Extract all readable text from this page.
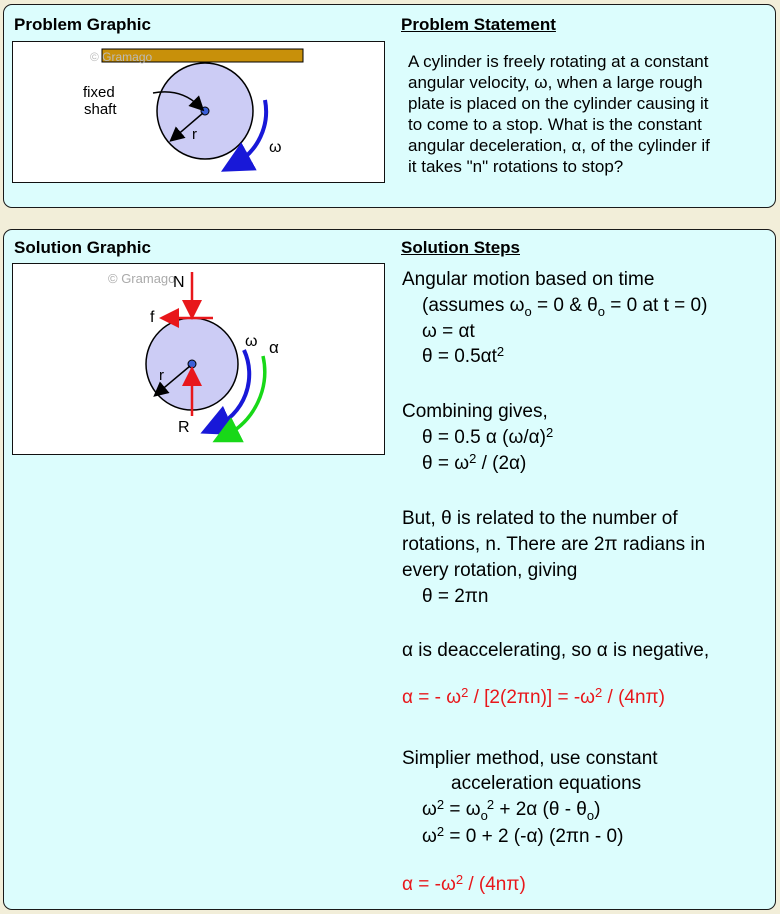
Problem Graphic	Problem Statement
© Gramago
fixed
shaft
r
ω
A cylinder is freely rotating at a constant
angular velocity, ω, when a large rough
plate is placed on the cylinder causing it
to come to a stop. What is the constant
angular deceleration, α, of the cylinder if
it takes "n" rotations to stop?
Solution Graphic	Solution Steps
© Gramago
N
f
r
R
ω α
Angular motion based on time
(assumes $\omega_o = 0$ & $\theta_o = 0$ at t = 0)
ω = αt
$\theta = 0.5\alpha t^2$
Combining gives,
θ = 0.5 α $(\omega/\alpha)^2$
$\theta = \omega^2 / (2\alpha)$
But, θ is related to the number of
rotations, n. There are 2π radians in
every rotation, giving
θ = 2πn
α is deaccelerating, so α is negative,
α = - $\omega^2 / [2(2\pi n)] = -\omega^2 / (4n\pi)$
Simplier method, use constant
acceleration equations
$\omega^2 = \omega_o^2 + 2\alpha$ $(\theta - \theta_o)$
$\omega^2 = 0 + 2$ (-α) (2πn - 0)
$\alpha = -\omega^2 / (4n\pi)$
